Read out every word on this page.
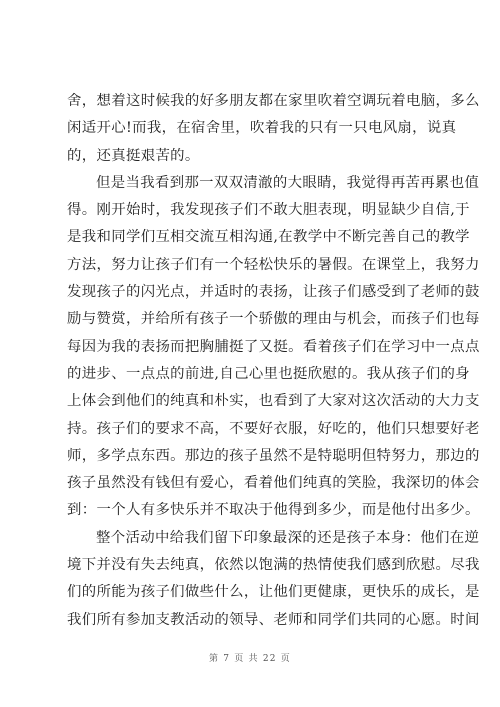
舍，想着这时候我的好多朋友都在家里吹着空调玩着电脑，多么
闲适开心!而我，在宿舍里，吹着我的只有一只电风扇，说真
的，还真挺艰苦的。
但是当我看到那一双双清澈的大眼睛，我觉得再苦再累也值
得。刚开始时，我发现孩子们不敢大胆表现，明显缺少自信,于
是我和同学们互相交流互相沟通,在教学中不断完善自己的教学
方法，努力让孩子们有一个轻松快乐的暑假。在课堂上，我努力
发现孩子的闪光点，并适时的表扬，让孩子们感受到了老师的鼓
励与赞赏，并给所有孩子一个骄傲的理由与机会，而孩子们也每
每因为我的表扬而把胸脯挺了又挺。看着孩子们在学习中一点点
的进步、一点点的前进,自己心里也挺欣慰的。我从孩子们的身
上体会到他们的纯真和朴实，也看到了大家对这次活动的大力支
持。孩子们的要求不高，不要好衣服，好吃的，他们只想要好老
师，多学点东西。那边的孩子虽然不是特聪明但特努力，那边的
孩子虽然没有钱但有爱心，看着他们纯真的笑脸，我深切的体会
到：一个人有多快乐并不取决于他得到多少，而是他付出多少。
整个活动中给我们留下印象最深的还是孩子本身：他们在逆
境下并没有失去纯真，依然以饱满的热情使我们感到欣慰。尽我
们的所能为孩子们做些什么，让他们更健康，更快乐的成长，是
我们所有参加支教活动的领导、老师和同学们共同的心愿。时间
第 7 页 共 22 页
